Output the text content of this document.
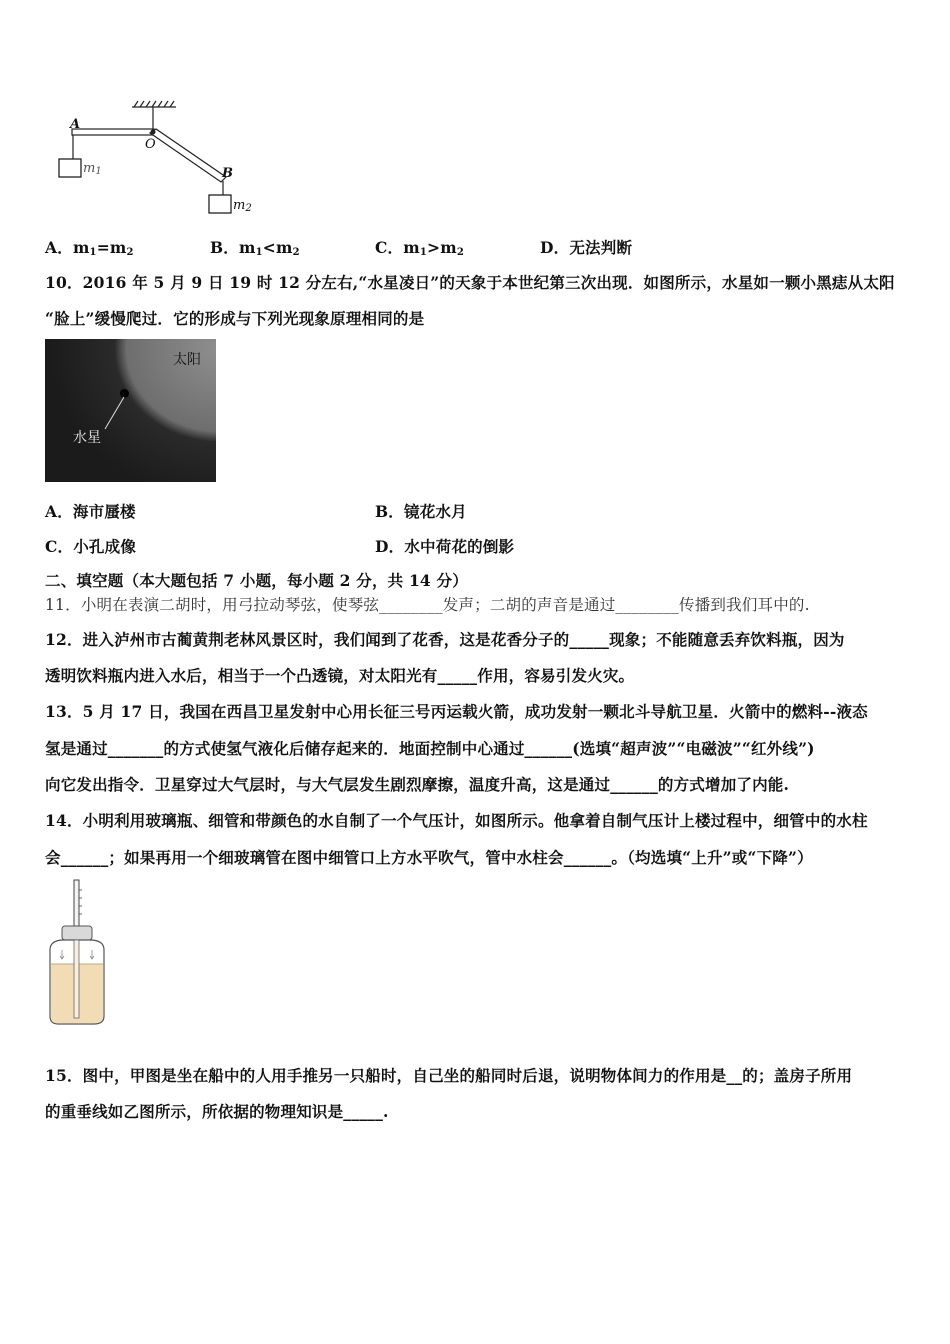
A
O
B
$m_1$
$m_2$
A．$m_1=m_2$	B．$m_1<m_2$	C．$m_1>m_2$	D．无法判断
10．2016 年 5 月 9 日 19 时 12 分左右,“水星凌日”的天象于本世纪第三次出现．如图所示，水星如一颗小黑痣从太阳
“脸上”缓慢爬过．它的形成与下列光现象原理相同的是
太阳
水星
A．海市蜃楼	B．镜花水月
C．小孔成像	D．水中荷花的倒影
二、填空题（本大题包括 7 小题，每小题 2 分，共 14 分）
11．小明在表演二胡时，用弓拉动琴弦，使琴弦________发声；二胡的声音是通过________传播到我们耳中的.
12．进入泸州市古蔺黄荆老林风景区时，我们闻到了花香，这是花香分子的_____现象；不能随意丢弃饮料瓶，因为
透明饮料瓶内进入水后，相当于一个凸透镜，对太阳光有_____作用，容易引发火灾。
13．5 月 17 日，我国在西昌卫星发射中心用长征三号丙运载火箭，成功发射一颗北斗导航卫星．火箭中的燃料--液态
氢是通过_______的方式使氢气液化后储存起来的．地面控制中心通过______(选填“超声波”“电磁波”“红外线”)
向它发出指令．卫星穿过大气层时，与大气层发生剧烈摩擦，温度升高，这是通过______的方式增加了内能.
14．小明利用玻璃瓶、细管和带颜色的水自制了一个气压计，如图所示。他拿着自制气压计上楼过程中，细管中的水柱
会______；如果再用一个细玻璃管在图中细管口上方水平吹气，管中水柱会______。（均选填“上升”或“下降”）
15．图中，甲图是坐在船中的人用手推另一只船时，自己坐的船同时后退，说明物体间力的作用是__的；盖房子所用
的重垂线如乙图所示，所依据的物理知识是_____.
